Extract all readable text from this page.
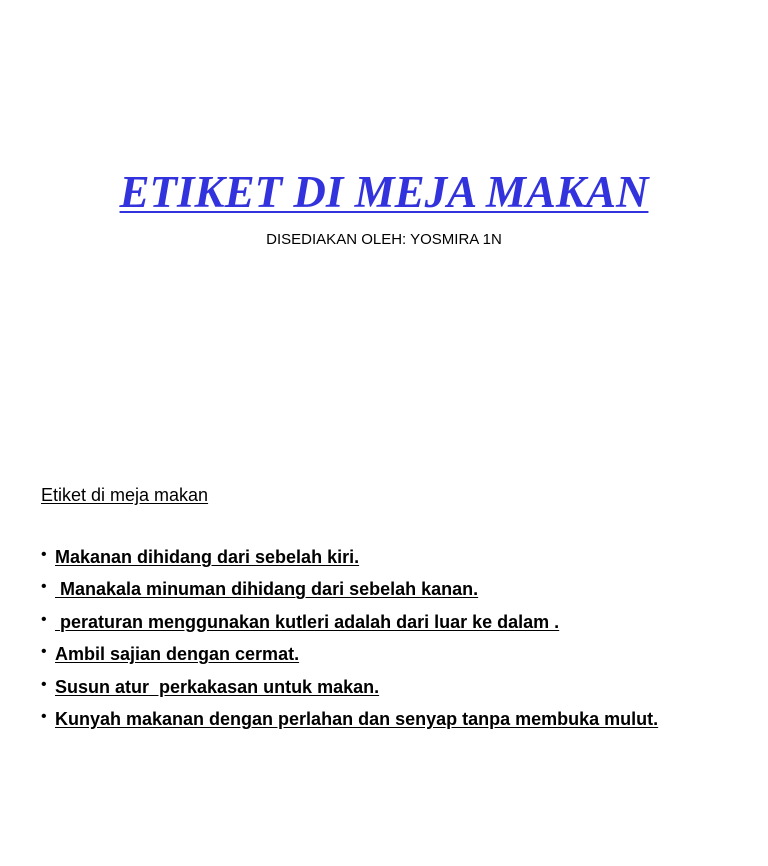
ETIKET DI MEJA MAKAN
DISEDIAKAN OLEH: YOSMIRA 1N
Etiket di meja makan
• Makanan dihidang dari sebelah kiri.
• Manakala minuman dihidang dari sebelah kanan.
• peraturan menggunakan kutleri adalah dari luar ke dalam .
• Ambil sajian dengan cermat.
• Susun atur  perkakasan untuk makan.
• Kunyah makanan dengan perlahan dan senyap tanpa membuka mulut.
